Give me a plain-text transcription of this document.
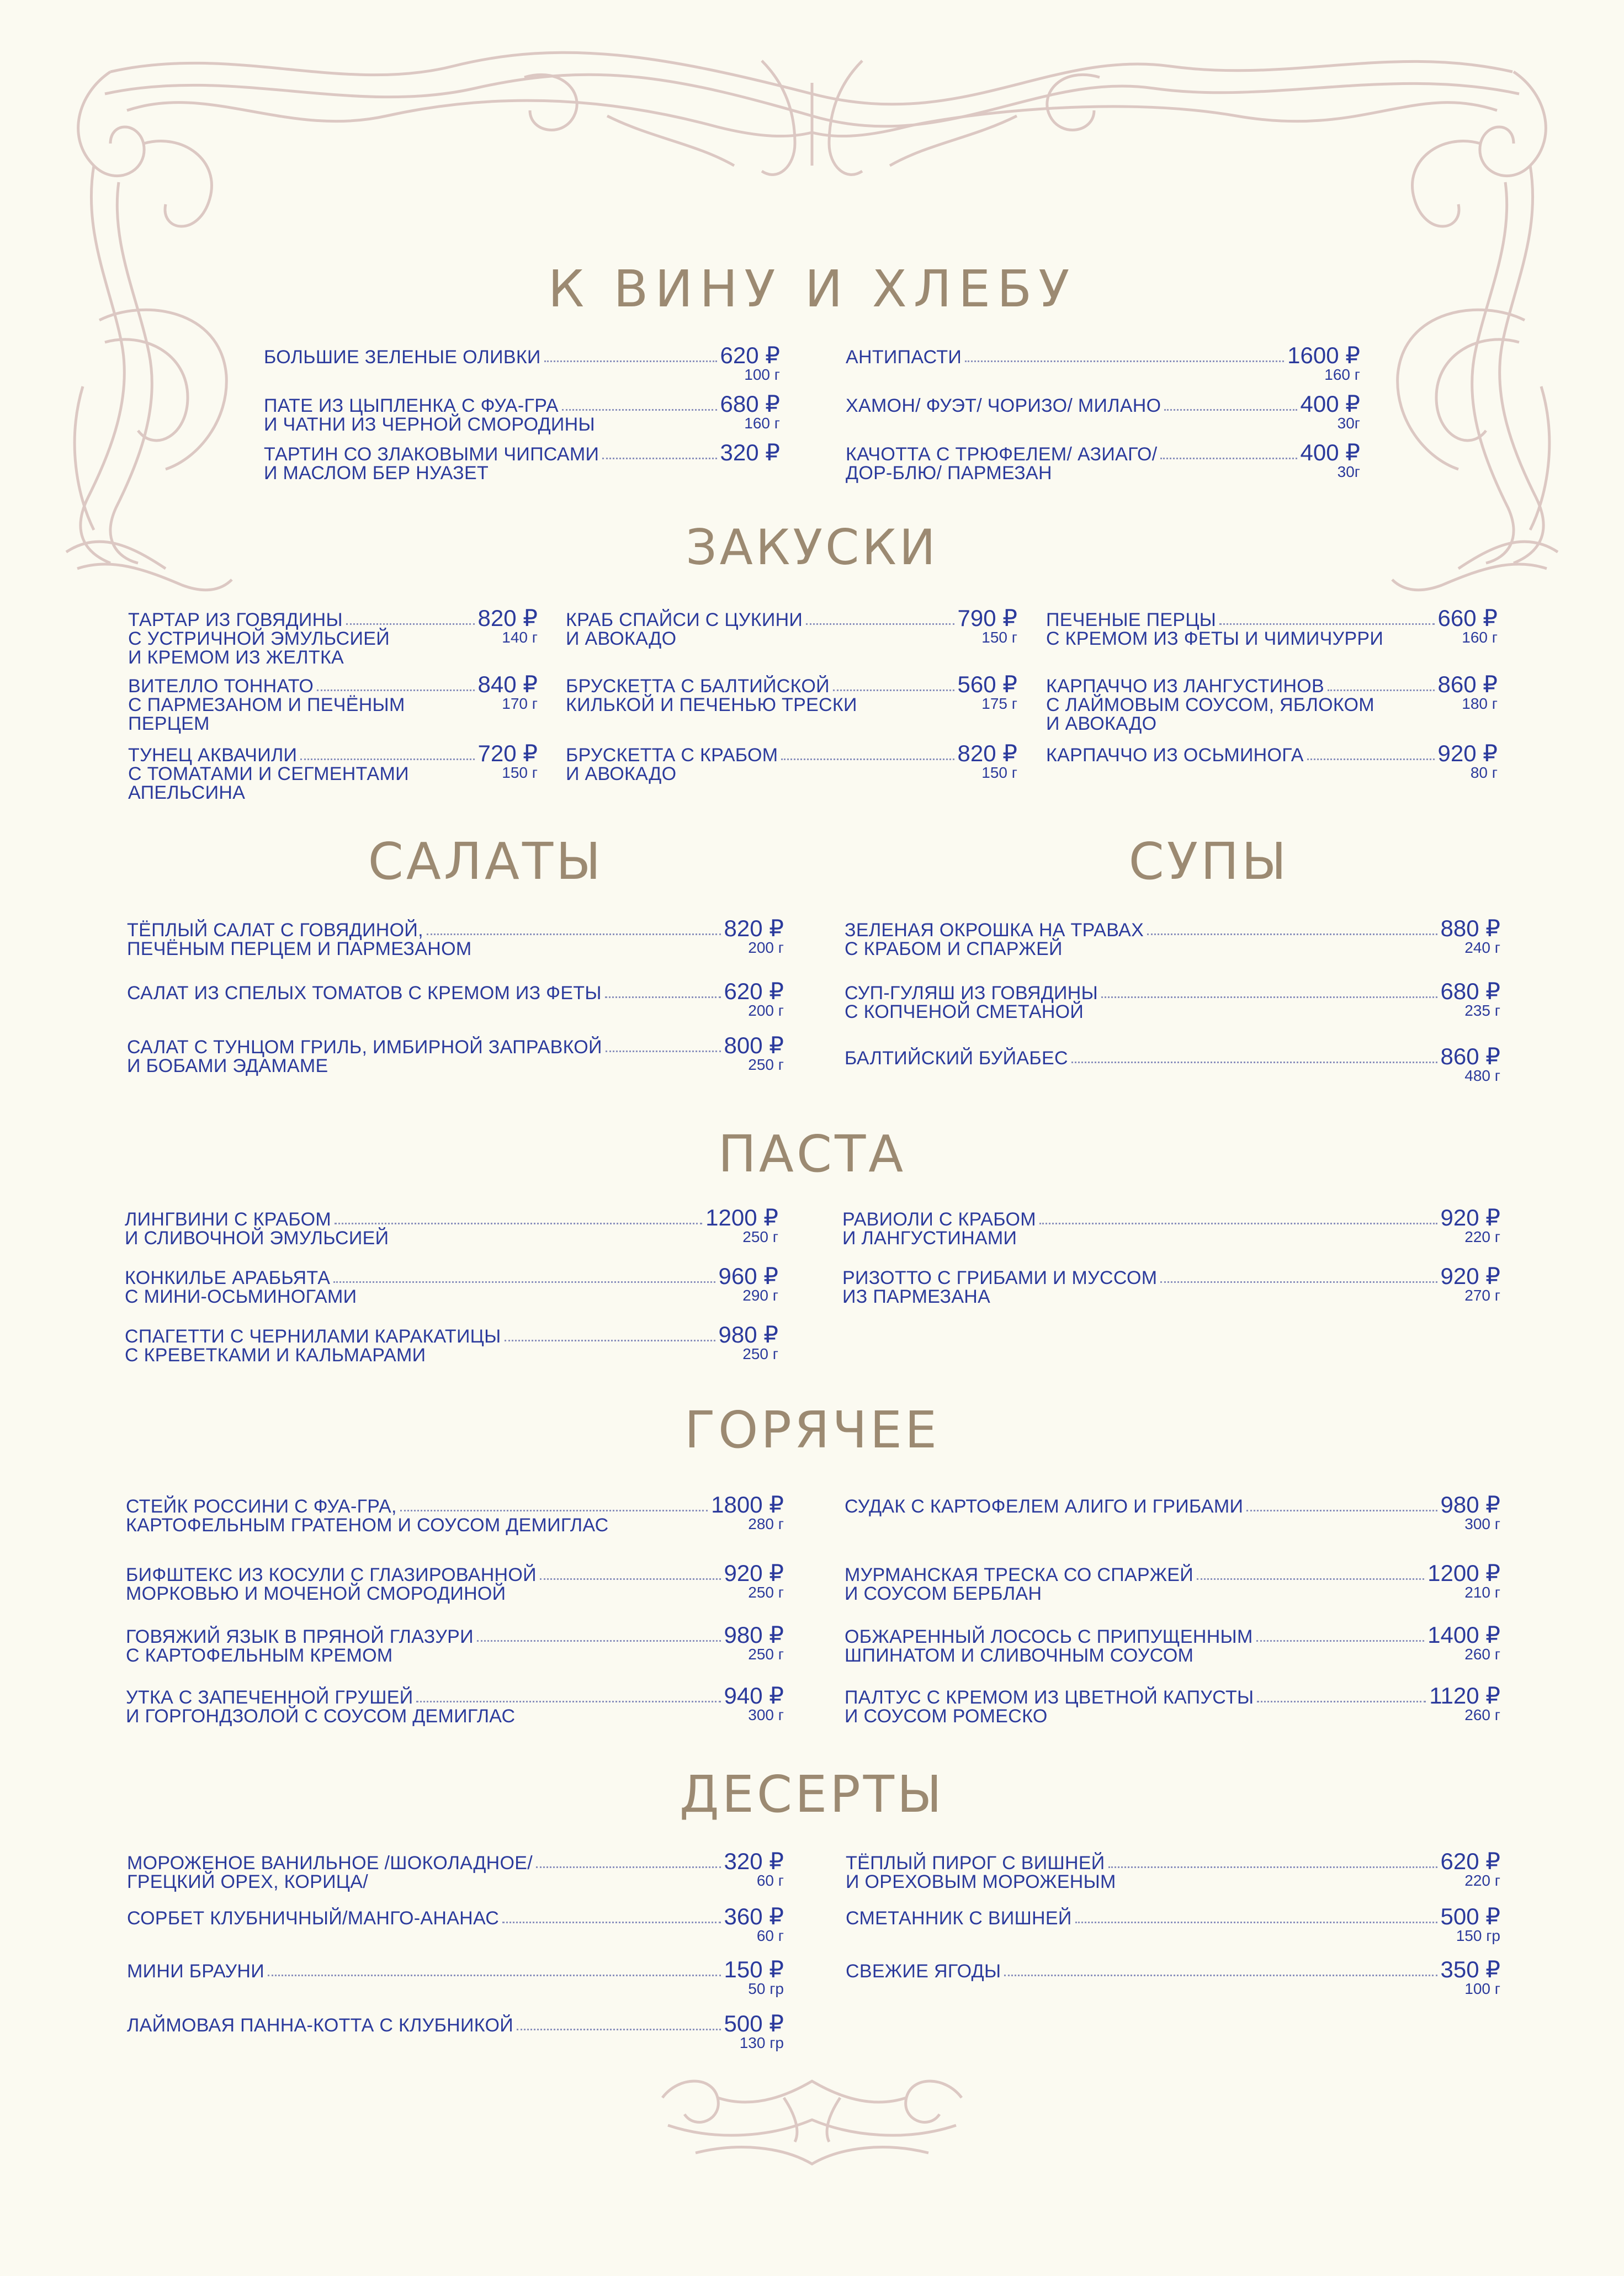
К ВИНУ И ХЛЕБУ
ЗАКУСКИ
САЛАТЫ	СУПЫ
ПАСТА
ГОРЯЧЕЕ
ДЕСЕРТЫ
БОЛЬШИЕ ЗЕЛЕНЫЕ ОЛИВКИ	620 ₽
100 г
ПАТЕ ИЗ ЦЫПЛЕНКА С ФУА-ГРА	680 ₽
И ЧАТНИ ИЗ ЧЕРНОЙ СМОРОДИНЫ	160 г
ТАРТИН СО ЗЛАКОВЫМИ ЧИПСАМИ	320 ₽
И МАСЛОМ БЕР НУАЗЕТ
АНТИПАСТИ	1600 ₽
160 г
ХАМОН/ ФУЭТ/ ЧОРИЗО/ МИЛАНО	400 ₽
30г
КАЧОТТА С ТРЮФЕЛЕМ/ АЗИАГО/	400 ₽
ДОР-БЛЮ/ ПАРМЕЗАН	30г
ТАРТАР ИЗ ГОВЯДИНЫ	820 ₽
С УСТРИЧНОЙ ЭМУЛЬСИЕЙ
И КРЕМОМ ИЗ ЖЕЛТКА
140 г
ВИТЕЛЛО ТОННАТО	840 ₽
С ПАРМЕЗАНОМ И ПЕЧЁНЫМ
ПЕРЦЕМ
170 г
ТУНЕЦ АКВАЧИЛИ	720 ₽
С ТОМАТАМИ И СЕГМЕНТАМИ
АПЕЛЬСИНА
150 г
КРАБ СПАЙСИ С ЦУКИНИ	790 ₽
И АВОКАДО	150 г
БРУСКЕТТА С БАЛТИЙСКОЙ	560 ₽
КИЛЬКОЙ И ПЕЧЕНЬЮ ТРЕСКИ	175 г
БРУСКЕТТА С КРАБОМ	820 ₽
И АВОКАДО	150 г
ПЕЧЕНЫЕ ПЕРЦЫ	660 ₽
С КРЕМОМ ИЗ ФЕТЫ И ЧИМИЧУРРИ	160 г
КАРПАЧЧО ИЗ ЛАНГУСТИНОВ	860 ₽
С ЛАЙМОВЫМ СОУСОМ, ЯБЛОКОМ
И АВОКАДО
180 г
КАРПАЧЧО ИЗ ОСЬМИНОГА	920 ₽
80 г
ТЁПЛЫЙ САЛАТ С ГОВЯДИНОЙ,	820 ₽
ПЕЧЁНЫМ ПЕРЦЕМ И ПАРМЕЗАНОМ	200 г
САЛАТ ИЗ СПЕЛЫХ ТОМАТОВ С КРЕМОМ ИЗ ФЕТЫ	620 ₽
200 г
САЛАТ С ТУНЦОМ ГРИЛЬ, ИМБИРНОЙ ЗАПРАВКОЙ	800 ₽
И БОБАМИ ЭДАМАМЕ	250 г
ЗЕЛЕНАЯ ОКРОШКА НА ТРАВАХ	880 ₽
С КРАБОМ И СПАРЖЕЙ	240 г
СУП-ГУЛЯШ ИЗ ГОВЯДИНЫ	680 ₽
С КОПЧЕНОЙ СМЕТАНОЙ	235 г
БАЛТИЙСКИЙ БУЙАБЕС	860 ₽
480 г
ЛИНГВИНИ С КРАБОМ	1200 ₽
И СЛИВОЧНОЙ ЭМУЛЬСИЕЙ	250 г
КОНКИЛЬЕ АРАБЬЯТА	960 ₽
С МИНИ-ОСЬМИНОГАМИ	290 г
СПАГЕТТИ С ЧЕРНИЛАМИ КАРАКАТИЦЫ	980 ₽
С КРЕВЕТКАМИ И КАЛЬМАРАМИ	250 г
РАВИОЛИ С КРАБОМ	920 ₽
И ЛАНГУСТИНАМИ	220 г
РИЗОТТО С ГРИБАМИ И МУССОМ	920 ₽
ИЗ ПАРМЕЗАНА	270 г
СТЕЙК РОССИНИ С ФУА-ГРА,	1800 ₽
КАРТОФЕЛЬНЫМ ГРАТЕНОМ И СОУСОМ ДЕМИГЛАС	280 г
БИФШТЕКС ИЗ КОСУЛИ С ГЛАЗИРОВАННОЙ	920 ₽
МОРКОВЬЮ И МОЧЕНОЙ СМОРОДИНОЙ	250 г
ГОВЯЖИЙ ЯЗЫК В ПРЯНОЙ ГЛАЗУРИ	980 ₽
С КАРТОФЕЛЬНЫМ КРЕМОМ	250 г
УТКА С ЗАПЕЧЕННОЙ ГРУШЕЙ	940 ₽
И ГОРГОНДЗОЛОЙ С СОУСОМ ДЕМИГЛАС	300 г
СУДАК С КАРТОФЕЛЕМ АЛИГО И ГРИБАМИ	980 ₽
300 г
МУРМАНСКАЯ ТРЕСКА СО СПАРЖЕЙ	1200 ₽
И СОУСОМ БЕРБЛАН	210 г
ОБЖАРЕННЫЙ ЛОСОСЬ С ПРИПУЩЕННЫМ	1400 ₽
ШПИНАТОМ И СЛИВОЧНЫМ СОУСОМ	260 г
ПАЛТУС С КРЕМОМ ИЗ ЦВЕТНОЙ КАПУСТЫ	1120 ₽
И СОУСОМ РОМЕСКО	260 г
МОРОЖЕНОЕ ВАНИЛЬНОЕ /ШОКОЛАДНОЕ/	320 ₽
ГРЕЦКИЙ ОРЕХ, КОРИЦА/	60 г
СОРБЕТ КЛУБНИЧНЫЙ/МАНГО-АНАНАС	360 ₽
60 г
МИНИ БРАУНИ	150 ₽
50 гр
ЛАЙМОВАЯ ПАННА-КОТТА С КЛУБНИКОЙ	500 ₽
130 гр
ТЁПЛЫЙ ПИРОГ С ВИШНЕЙ	620 ₽
И ОРЕХОВЫМ МОРОЖЕНЫМ	220 г
СМЕТАННИК С ВИШНЕЙ	500 ₽
150 гр
СВЕЖИЕ ЯГОДЫ	350 ₽
100 г
